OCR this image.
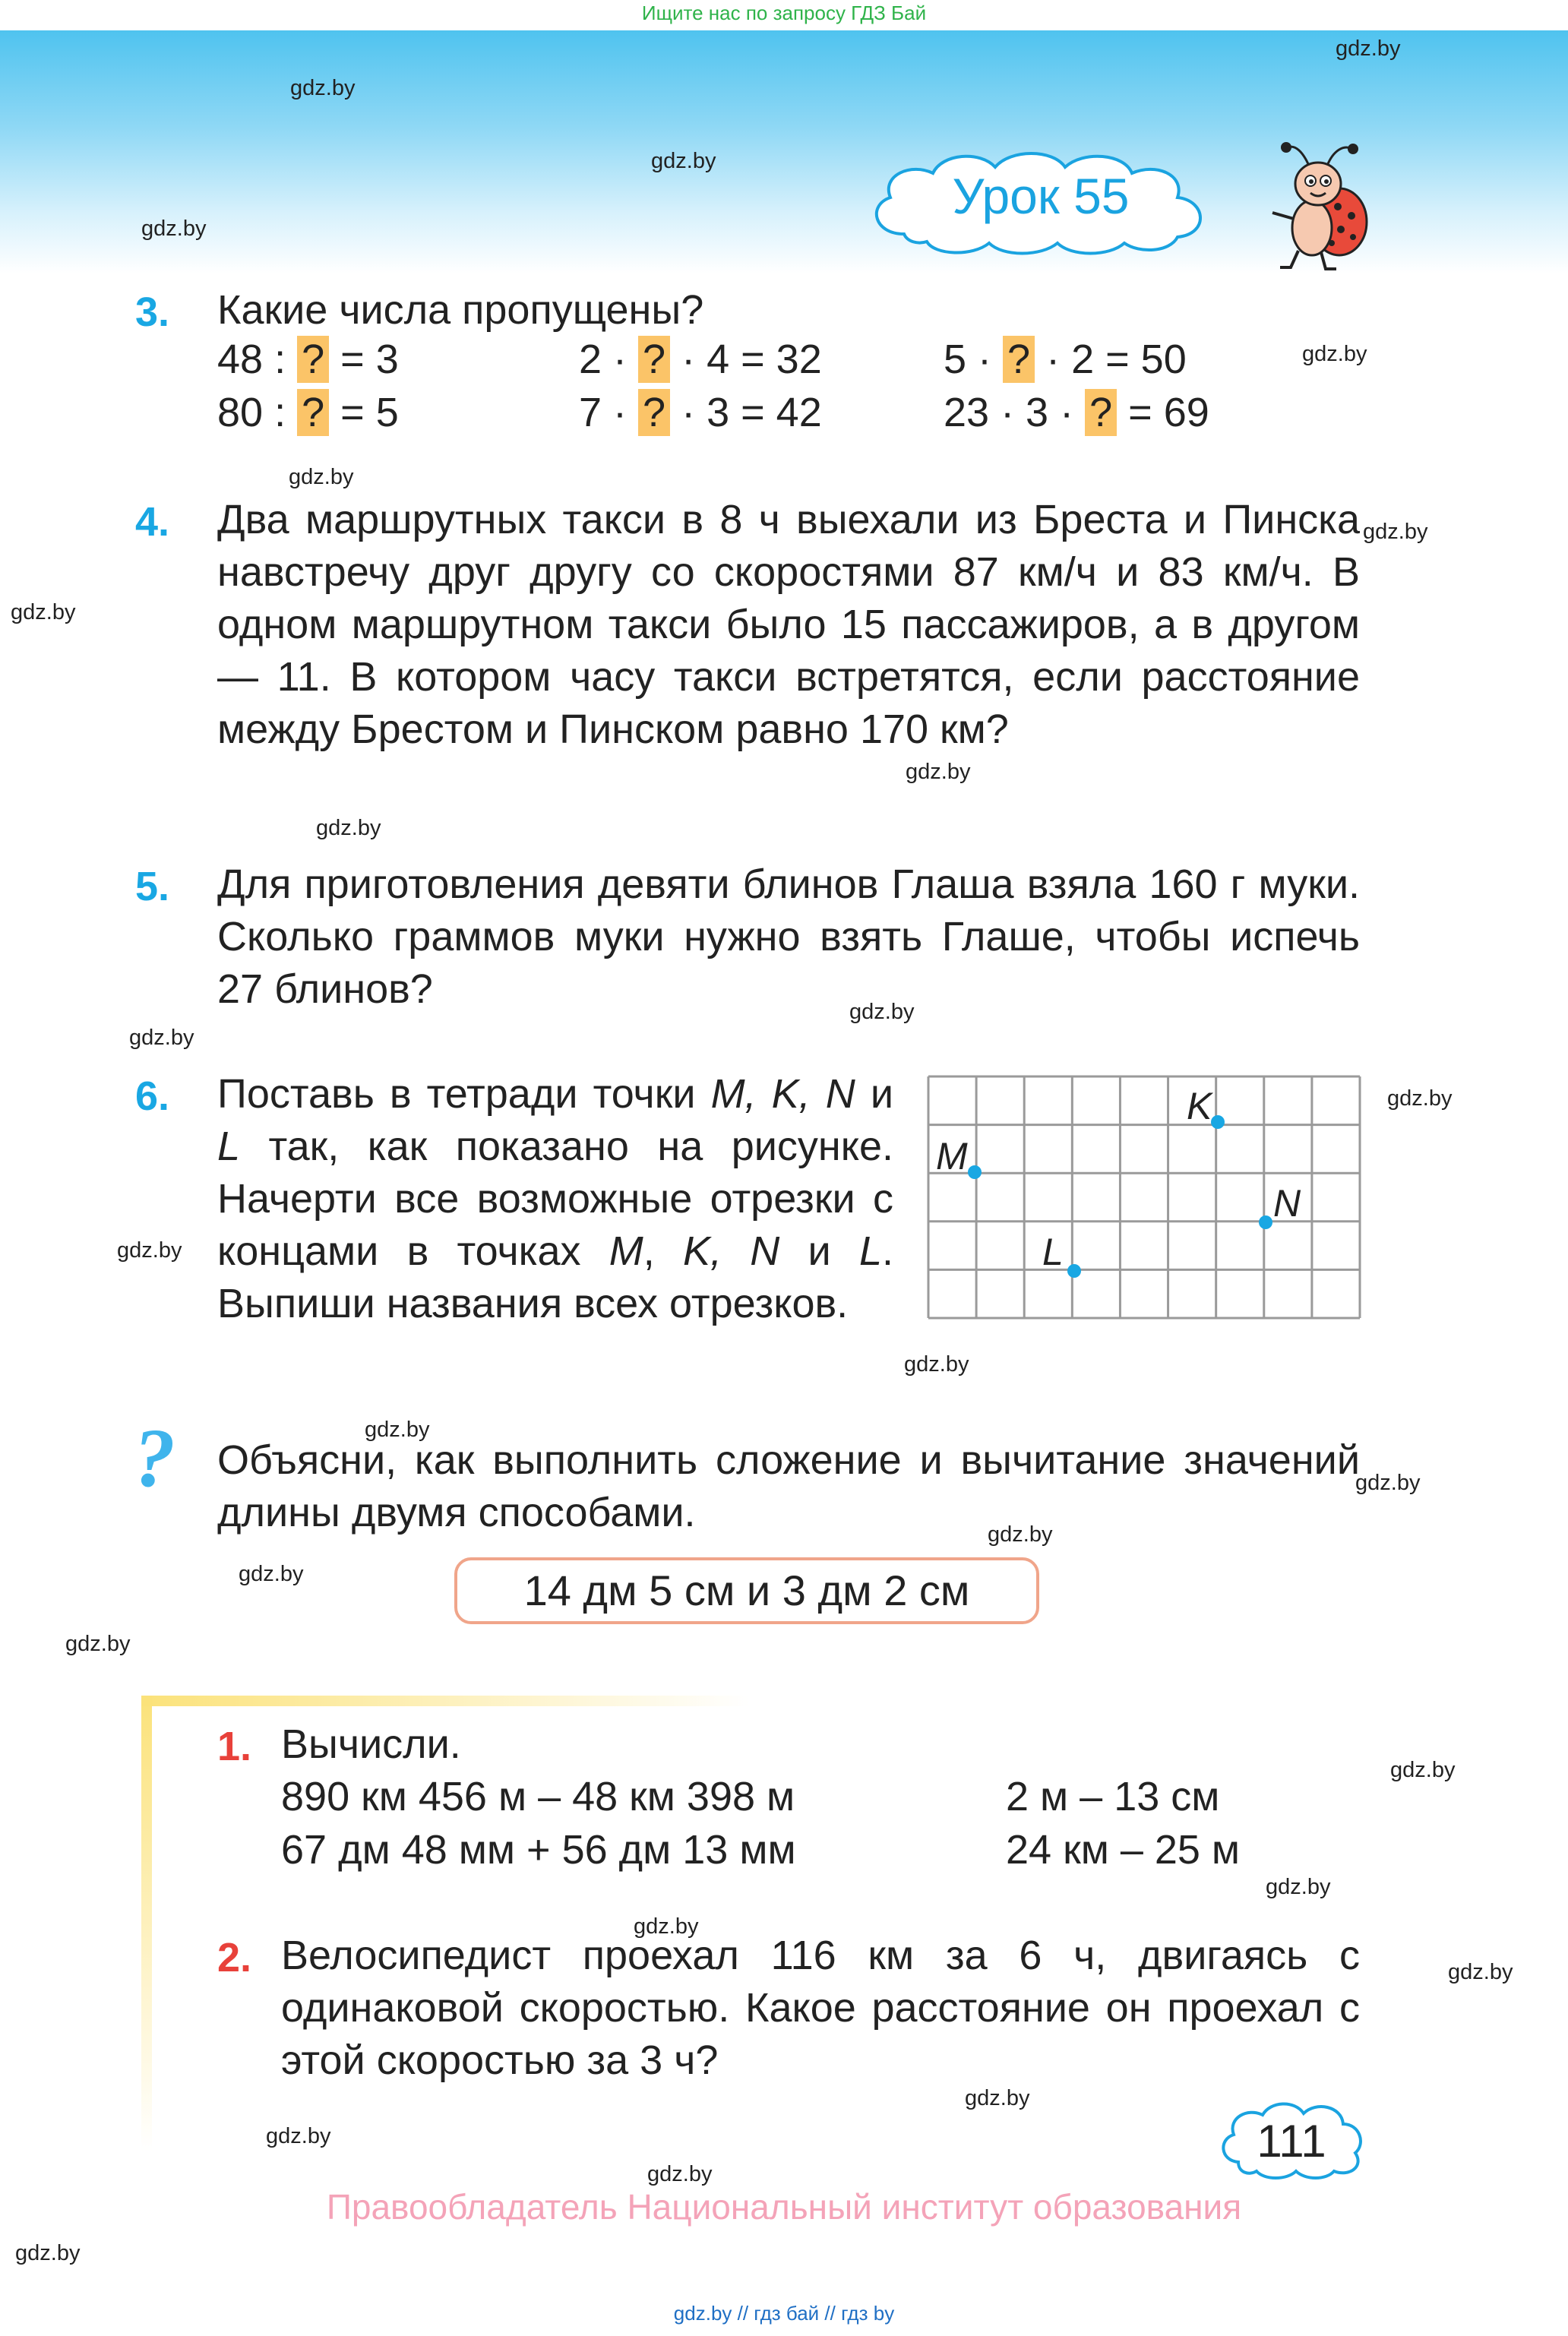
Ищите нас по запросу ГДЗ Бай
gdz.by
gdz.by
gdz.by
gdz.by
gdz.by
gdz.by
gdz.by
gdz.by
gdz.by
gdz.by
gdz.by
gdz.by
gdz.by
gdz.by
gdz.by
gdz.by
gdz.by
gdz.by
gdz.by
gdz.by
gdz.by
gdz.by
gdz.by
gdz.by
gdz.by
gdz.by
gdz.by
gdz.by
Урок 55
3. Какие числа пропущены?
48 : ? = 3	2 · ? · 4 = 32	5 · ? · 2 = 50
80 : ? = 5	7 · ? · 3 = 42	23 · 3 · ? = 69
4. Два маршрутных такси в 8 ч выехали из Бреста и Пинска навстречу друг другу со скоростями 87 км/ч и 83 км/ч. В одном маршрутном такси было 15 пассажиров, а в другом — 11. В котором часу такси встретятся, если расстояние между Брестом и Пинском равно 170 км?
5. Для приготовления девяти блинов Глаша взяла 160 г муки. Сколько граммов муки нужно взять Глаше, чтобы испечь 27 блинов?
6. Поставь в тетради точки M, K, N и L так, как показано на рисунке. Начерти все возможные отрезки с концами в точках M, K, N и L. Выпиши названия всех отрезков.
M
K
N
L
? Объясни, как выполнить сложение и вычитание значений длины двумя способами.
14 дм 5 см и 3 дм 2 см
1. Вычисли.
890 км 456 м – 48 км 398 м	2 м – 13 см
67 дм 48 мм + 56 дм 13 мм	24 км – 25 м
2. Велосипедист проехал 116 км за 6 ч, двигаясь с одинаковой скоростью. Какое расстояние он проехал с этой скоростью за 3 ч?
111
Правообладатель Национальный институт образования
gdz.by // гдз бай // гдз by
